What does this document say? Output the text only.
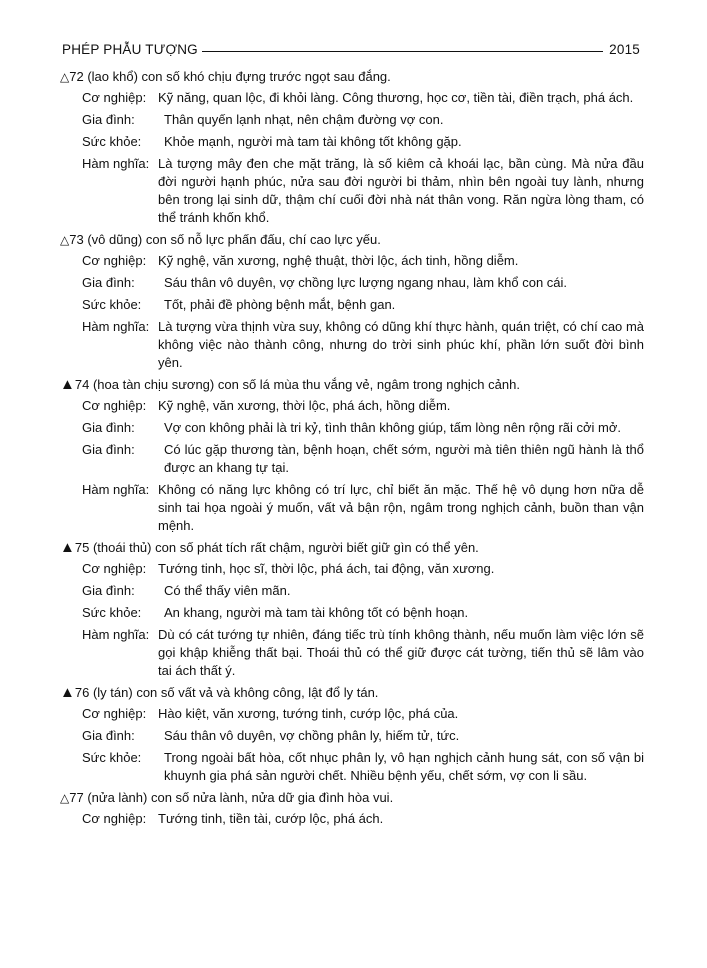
PHÉP PHẪU TƯỢNG	2015
△72 (lao khổ) con số khó chịu đựng trước ngọt sau đắng.
Cơ nghiệp: Kỹ năng, quan lộc, đi khỏi làng. Công thương, học cơ, tiền tài, điền trạch, phá ách.
Gia đình:	Thân quyến lạnh nhạt, nên chậm đường vợ con.
Sức khỏe:	Khỏe mạnh, người mà tam tài không tốt không gặp.
Hàm nghĩa: Là tượng mây đen che mặt trăng, là số kiêm cả khoái lạc, bần cùng. Mà nửa đầu đời người hạnh phúc, nửa sau đời người bi thảm, nhìn bên ngoài tuy lành, nhưng bên trong lại sinh dữ, thậm chí cuối đời nhà nát thân vong. Răn ngừa lòng tham, có thể tránh khốn khổ.
△73 (vô dũng) con số nỗ lực phấn đấu, chí cao lực yếu.
Cơ nghiệp: Kỹ nghệ, văn xương, nghệ thuật, thời lộc, ách tinh, hồng diễm.
Gia đình:	Sáu thân vô duyên, vợ chồng lực lượng ngang nhau, làm khổ con cái.
Sức khỏe:	Tốt, phải đề phòng bệnh mắt, bệnh gan.
Hàm nghĩa: Là tượng vừa thịnh vừa suy, không có dũng khí thực hành, quán triệt, có chí cao mà không việc nào thành công, nhưng do trời sinh phúc khí, phần lớn suốt đời bình yên.
▲74 (hoa tàn chịu sương) con số lá mùa thu vắng vẻ, ngâm trong nghịch cảnh.
Cơ nghiệp: Kỹ nghệ, văn xương, thời lộc, phá ách, hồng diễm.
Gia đình:	Vợ con không phải là tri kỷ, tình thân không giúp, tấm lòng nên rộng rãi cởi mở.
Gia đình:	Có lúc gặp thương tàn, bệnh hoạn, chết sớm, người mà tiên thiên ngũ hành là thổ được an khang tự tại.
Hàm nghĩa: Không có năng lực không có trí lực, chỉ biết ăn mặc. Thế hệ vô dụng hơn nữa dễ sinh tai họa ngoài ý muốn, vất vả bận rộn, ngâm trong nghịch cảnh, buồn than vận mệnh.
▲75 (thoái thủ) con số phát tích rất chậm, người biết giữ gìn có thể yên.
Cơ nghiệp: Tướng tinh, học sĩ, thời lộc, phá ách, tai động, văn xương.
Gia đình:	Có thể thấy viên mãn.
Sức khỏe:	An khang, người mà tam tài không tốt có bệnh hoạn.
Hàm nghĩa: Dù có cát tướng tự nhiên, đáng tiếc trù tính không thành, nếu muốn làm việc lớn sẽ gọi khập khiễng thất bại. Thoái thủ có thể giữ được cát tường, tiến thủ sẽ lâm vào tai ách thất ý.
▲76 (ly tán) con số vất vả và không công, lật đổ ly tán.
Cơ nghiệp: Hào kiệt, văn xương, tướng tinh, cướp lộc, phá của.
Gia đình:	Sáu thân vô duyên, vợ chồng phân ly, hiếm tử, tức.
Sức khỏe:	Trong ngoài bất hòa, cốt nhục phân ly, vô hạn nghịch cảnh hung sát, con số vận bi khuynh gia phá sản người chết. Nhiều bệnh yếu, chết sớm, vợ con li sầu.
△77 (nửa lành) con số nửa lành, nửa dữ gia đình hòa vui.
Cơ nghiệp: Tướng tinh, tiền tài, cướp lộc, phá ách.
